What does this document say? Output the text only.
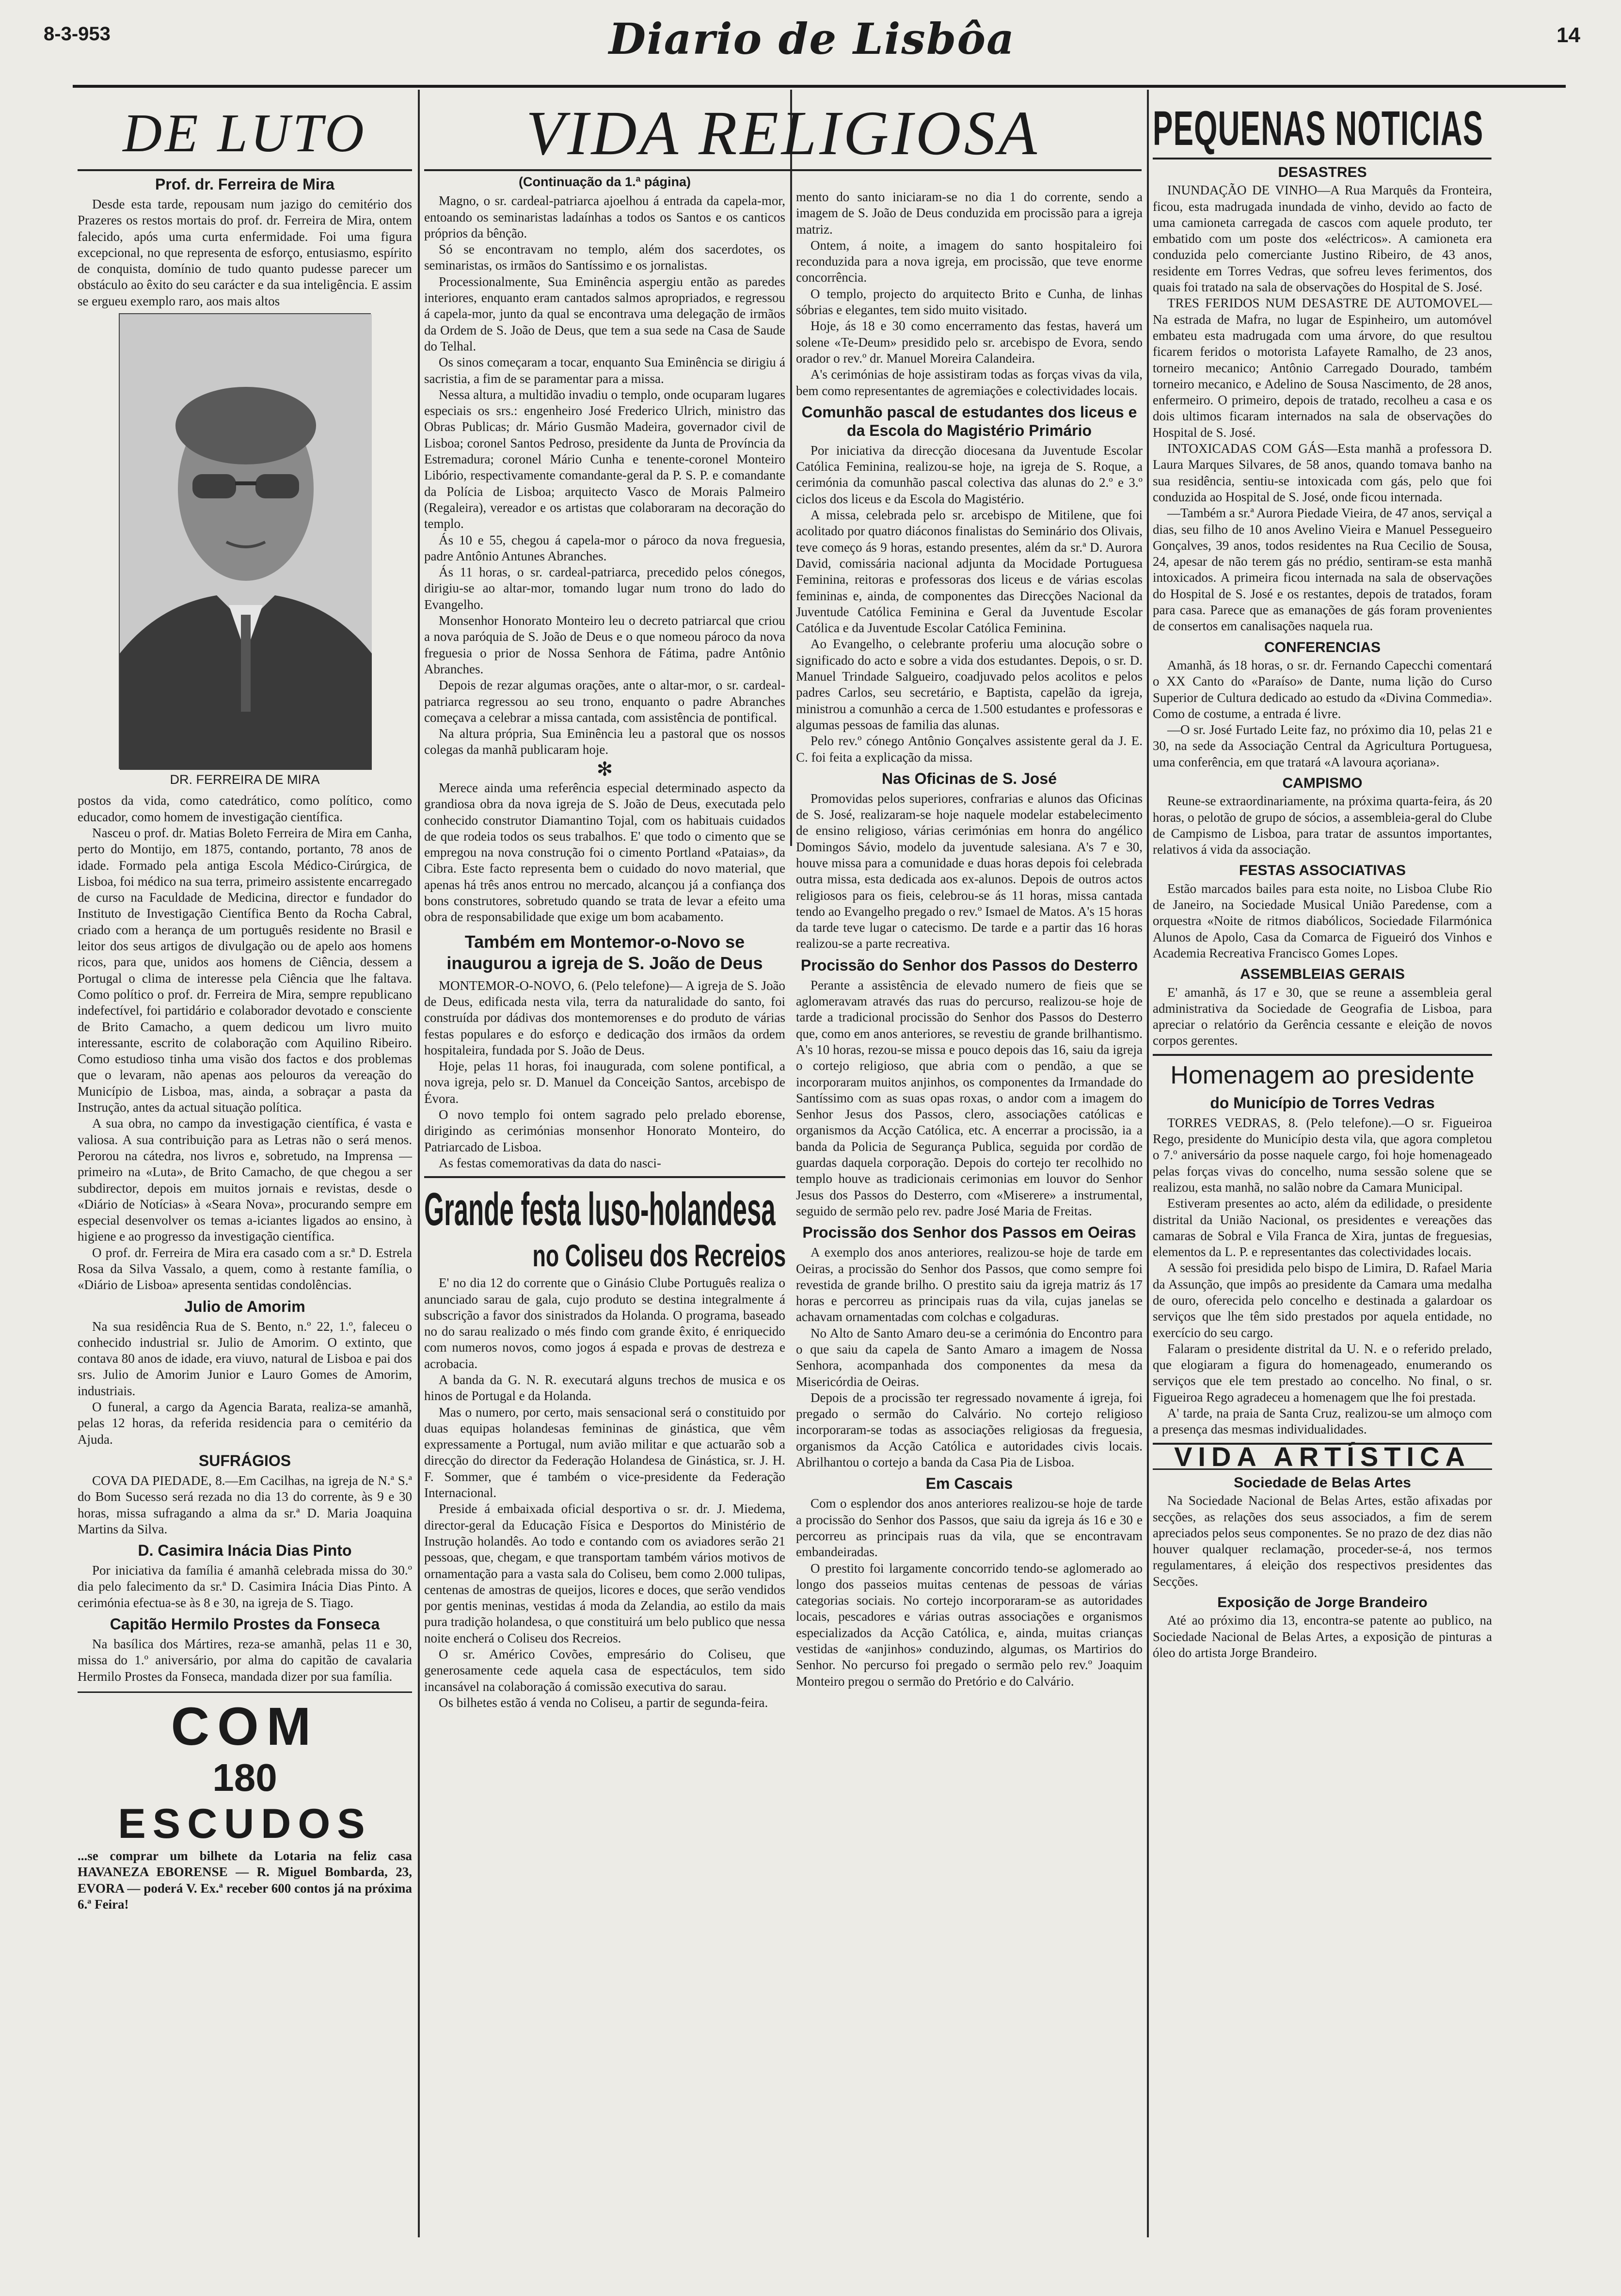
8-3-953	Diario de Lisbôa	14
DE LUTO
Prof. dr. Ferreira de Mira

Desde esta tarde, repousam num jazigo do cemitério dos Prazeres os restos mortais do prof. dr. Ferreira de Mira, ontem falecido, após uma curta enfermidade. Foi uma figura excepcional, no que representa de esforço, entusiasmo, espírito de conquista, domínio de tudo quanto pudesse parecer um obstáculo ao êxito do seu carácter e da sua inteligência. E assim se ergueu exemplo raro, aos mais altos

DR. FERREIRA DE MIRA

postos da vida, como catedrático, como político, como educador, como homem de investigação científica.

Nasceu o prof. dr. Matias Boleto Ferreira de Mira em Canha, perto do Montijo, em 1875, contando, portanto, 78 anos de idade. Formado pela antiga Escola Médico-Cirúrgica, de Lisboa, foi médico na sua terra, primeiro assistente encarregado de curso na Faculdade de Medicina, director e fundador do Instituto de Investigação Científica Bento da Rocha Cabral, criado com a herança de um português residente no Brasil e leitor dos seus artigos de divulgação ou de apelo aos homens ricos, para que, unidos aos homens de Ciência, dessem a Portugal o clima de interesse pela Ciência que lhe faltava. Como político o prof. dr. Ferreira de Mira, sempre republicano indefectível, foi partidário e colaborador devotado e consciente de Brito Camacho, a quem dedicou um livro muito interessante, escrito de colaboração com Aquilino Ribeiro. Como estudioso tinha uma visão dos factos e dos problemas que o levaram, não apenas aos pelouros da vereação do Município de Lisboa, mas, ainda, a sobraçar a pasta da Instrução, antes da actual situação política.

A sua obra, no campo da investigação científica, é vasta e valiosa. A sua contribuição para as Letras não o será menos. Perorou na cátedra, nos livros e, sobretudo, na Imprensa — primeiro na «Luta», de Brito Camacho, de que chegou a ser subdirector, depois em muitos jornais e revistas, desde o «Diário de Notícias» à «Seara Nova», procurando sempre em especial desenvolver os temas a-iciantes ligados ao ensino, à higiene e ao progresso da investigação científica.

O prof. dr. Ferreira de Mira era casado com a sr.ª D. Estrela Rosa da Silva Vassalo, a quem, como à restante família, o «Diário de Lisboa» apresenta sentidas condolências.

Julio de Amorim

Na sua residência Rua de S. Bento, n.º 22, 1.º, faleceu o conhecido industrial sr. Julio de Amorim. O extinto, que contava 80 anos de idade, era viuvo, natural de Lisboa e pai dos srs. Julio de Amorim Junior e Lauro Gomes de Amorim, industriais.

O funeral, a cargo da Agencia Barata, realiza-se amanhã, pelas 12 horas, da referida residencia para o cemitério da Ajuda.

SUFRÁGIOS

COVA DA PIEDADE, 8.—Em Cacilhas, na igreja de N.ª S.ª do Bom Sucesso será rezada no dia 13 do corrente, às 9 e 30 horas, missa sufragando a alma da sr.ª D. Maria Joaquina Martins da Silva.

D. Casimira Inácia Dias Pinto

Por iniciativa da família é amanhã celebrada missa do 30.º dia pelo falecimento da sr.ª D. Casimira Inácia Dias Pinto. A cerimónia efectua-se às 8 e 30, na igreja de S. Tiago.

Capitão Hermilo Prostes da Fonseca

Na basílica dos Mártires, reza-se amanhã, pelas 11 e 30, missa do 1.º aniversário, por alma do capitão de cavalaria Hermilo Prostes da Fonseca, mandada dizer por sua família.

COM
180
ESCUDOS

...se comprar um bilhete da Lotaria na feliz casa HAVANEZA EBORENSE — R. Miguel Bombarda, 23, EVORA — poderá V. Ex.ª receber 600 contos já na próxima 6.ª Feira!

VIDA RELIGIOSA
(Continuação da 1.ª página)

Magno, o sr. cardeal-patriarca ajoelhou á entrada da capela-mor, entoando os seminaristas ladaínhas a todos os Santos e os canticos próprios da bênção.

Só se encontravam no templo, além dos sacerdotes, os seminaristas, os irmãos do Santíssimo e os jornalistas.

Processionalmente, Sua Eminência aspergiu então as paredes interiores, enquanto eram cantados salmos apropriados, e regressou á capela-mor, junto da qual se encontrava uma delegação de irmãos da Ordem de S. João de Deus, que tem a sua sede na Casa de Saude do Telhal.

Os sinos começaram a tocar, enquanto Sua Eminência se dirigiu á sacristia, a fim de se paramentar para a missa.

Nessa altura, a multidão invadiu o templo, onde ocuparam lugares especiais os srs.: engenheiro José Frederico Ulrich, ministro das Obras Publicas; dr. Mário Gusmão Madeira, governador civil de Lisboa; coronel Santos Pedroso, presidente da Junta de Província da Estremadura; coronel Mário Cunha e tenente-coronel Monteiro Libório, respectivamente comandante-geral da P. S. P. e comandante da Polícia de Lisboa; arquitecto Vasco de Morais Palmeiro (Regaleira), vereador e os artistas que colaboraram na decoração do templo.

Ás 10 e 55, chegou á capela-mor o párоco da nova freguesia, padre Antônio Antunes Abranches.

Ás 11 horas, o sr. cardeal-patriarca, precedido pelos cónegos, dirigiu-se ao altar-mor, tomando lugar num trono do lado do Evangelho.

Monsenhor Honorato Monteiro leu o decreto patriarcal que criou a nova paróquia de S. João de Deus e o que nomeou pároco da nova freguesia o prior de Nossa Senhora de Fátima, padre Antônio Abranches.

Depois de rezar algumas orações, ante o altar-mor, o sr. cardeal-patriarca regressou ao seu trono, enquanto o padre Abranches começava a celebrar a missa cantada, com assistência de pontifical.

Na altura própria, Sua Eminência leu a pastoral que os nossos colegas da manhã publicaram hoje.

✻

Merece ainda uma referência especial determinado aspecto da grandiosa obra da nova igreja de S. João de Deus, executada pelo conhecido construtor Diamantino Tojal, com os habituais cuidados de que rodeia todos os seus trabalhos. E' que todo o cimento que se empregou na nova construção foi o cimento Portland «Pataias», da Cibra. Este facto representa bem o cuidado do novo material, que apenas há três anos entrou no mercado, alcançou já a confiança dos bons construtores, sobretudo quando se trata de levar a efeito uma obra de responsabilidade que exige um bom acabamento.

Também em Montemor-o-Novo se inaugurou a igreja de S. João de Deus

MONTEMOR-O-NOVO, 6. (Pelo telefone)— A igreja de S. João de Deus, edificada nesta vila, terra da naturalidade do santo, foi construída por dádivas dos montemorenses e do produto de várias festas populares e do esforço e dedicação dos irmãos da ordem hospitaleira, fundada por S. João de Deus.

Hoje, pelas 11 horas, foi inaugurada, com solene pontifical, a nova igreja, pelo sr. D. Manuel da Conceição Santos, arcebispo de Évora.

O novo templo foi ontem sagrado pelo prelado eborense, dirigindo as cerimónias monsenhor Honorato Monteiro, do Patriarcado de Lisboa.

As festas comemorativas da data do nasci-

Grande festa luso-holandesa
no Coliseu dos Recreios

E' no dia 12 do corrente que o Ginásio Clube Português realiza o anunciado sarau de gala, cujo produto se destina integralmente á subscrição a favor dos sinistrados da Holanda. O programa, baseado no do sarau realizado o més findo com grande êxito, é enriquecido com numeros novos, como jogos á espada e provas de destreza e acrobacia.

A banda da G. N. R. executará alguns trechos de musica e os hinos de Portugal e da Holanda.

Mas o numero, por certo, mais sensacional será o constituido por duas equipas holandesas femininas de ginástica, que vêm expressamente a Portugal, num avião militar e que actuarão sob a direcção do director da Federação Holandesa de Ginástica, sr. J. H. F. Sommer, que é também o vice-presidente da Federação Internacional.

Preside á embaixada oficial desportiva o sr. dr. J. Miedema, director-geral da Educação Física e Desportos do Ministério de Instrução holandês. Ao todo e contando com os aviadores serão 21 pessoas, que, chegam, e que transportam também vários motivos de ornamentação para a vasta sala do Coliseu, bem como 2.000 tulipas, centenas de amostras de queijos, licores e doces, que serão vendidos por gentis meninas, vestidas á moda da Zelandia, ao estilo da mais pura tradição holandesa, o que constituirá um belo publico que nessa noite encherá o Coliseu dos Recreios.

O sr. Américo Covões, empresário do Coliseu, que generosamente cede aquela casa de espectáculos, tem sido incansável na colaboração á comissão executiva do sarau.

Os bilhetes estão á venda no Coliseu, a partir de segunda-feira.

mento do santo iniciaram-se no dia 1 do corrente, sendo a imagem de S. João de Deus conduzida em procissão para a igreja matriz.

Ontem, á noite, a imagem do santo hospitaleiro foi reconduzida para a nova igreja, em procissão, que teve enorme concorrência.

O templo, projecto do arquitecto Brito e Cunha, de linhas sóbrias e elegantes, tem sido muito visitado.

Hoje, ás 18 e 30 como encerramento das festas, haverá um solene «Te-Deum» presidido pelo sr. arcebispo de Evora, sendo orador o rev.º dr. Manuel Moreira Calandeira.

A's cerimónias de hoje assistiram todas as forças vivas da vila, bem como representantes de agremiações e colectividades locais.

Comunhão pascal de estudantes dos liceus e da Escola do Magistério Primário

Por iniciativa da direcção diocesana da Juventude Escolar Católica Feminina, realizou-se hoje, na igreja de S. Roque, a cerimónia da comunhão pascal colectiva das alunas do 2.º e 3.º ciclos dos liceus e da Escola do Magistério.

A missa, celebrada pelo sr. arcebispo de Mitilene, que foi acolitado por quatro diáconos finalistas do Seminário dos Olivais, teve começo ás 9 horas, estando presentes, além da sr.ª D. Aurora David, comissária nacional adjunta da Mocidade Portuguesa Feminina, reitoras e professoras dos liceus e de várias escolas femininas e, ainda, de componentes das Direcções Nacional da Juventude Católica Feminina e Geral da Juventude Escolar Católica e da Juventude Escolar Católica Feminina.

Ao Evangelho, o celebrante proferiu uma alocução sobre o significado do acto e sobre a vida dos estudantes. Depois, o sr. D. Manuel Trindade Salgueiro, coadjuvado pelos acolitos e pelos padres Carlos, seu secretário, e Baptista, capelão da igreja, ministrou a comunhão a cerca de 1.500 estudantes e professoras e algumas pessoas de familia das alunas.

Pelo rev.º cónego Antônio Gonçalves assistente geral da J. E. C. foi feita a explicação da missa.

Nas Oficinas de S. José

Promovidas pelos superiores, confrarias e alunos das Oficinas de S. José, realizaram-se hoje naquele modelar estabelecimento de ensino religioso, várias cerimónias em honra do angélico Domingos Sávio, modelo da juventude salesiana. A's 7 e 30, houve missa para a comunidade e duas horas depois foi celebrada outra missa, esta dedicada aos ex-alunos. Depois de outros actos religiosos para os fieis, celebrou-se ás 11 horas, missa cantada tendo ao Evangelho pregado o rev.º Ismael de Matos. A's 15 horas da tarde teve lugar o catecismo. De tarde e a partir das 16 horas realizou-se a parte recreativa.

Procissão do Senhor dos Passos do Desterro

Perante a assistência de elevado numero de fieis que se aglomeravam através das ruas do percurso, realizou-se hoje de tarde a tradicional procissão do Senhor dos Passos do Desterro que, como em anos anteriores, se revestiu de grande brilhantismo. A's 10 horas, rezou-se missa e pouco depois das 16, saiu da igreja o cortejo religioso, que abria com o pendão, a que se incorporaram muitos anjinhos, os componentes da Irmandade do Santíssimo com as suas opas roxas, o andor com a imagem do Senhor Jesus dos Passos, clero, associações católicas e organismos da Acção Católica, etc. A encerrar a procissão, ia a banda da Policia de Segurança Publica, seguida por cordão de guardas daquela corporação. Depois do cortejo ter recolhido no templo houve as tradicionais cerimonias em louvor do Senhor Jesus dos Passos do Desterro, com «Miserere» a instrumental, seguido de sermão pelo rev. padre José Maria de Freitas.

Procissão dos Senhor dos Passos em Oeiras

A exemplo dos anos anteriores, realizou-se hoje de tarde em Oeiras, a procissão do Senhor dos Passos, que como sempre foi revestida de grande brilho. O prestito saiu da igreja matriz ás 17 horas e percorreu as principais ruas da vila, cujas janelas se achavam ornamentadas com colchas e colgaduras.

No Alto de Santo Amaro deu-se a cerimónia do Encontro para o que saiu da capela de Santo Amaro a imagem de Nossa Senhora, acompanhada dos componentes da mesa da Misericórdia de Oeiras.

Depois de a procissão ter regressado novamente á igreja, foi pregado o sermão do Calvário. No cortejo religioso incorporaram-se todas as associações religiosas da freguesia, organismos da Acção Católica e autoridades civis locais. Abrilhantou o cortejo a banda da Casa Pia de Lisboa.

Em Cascais

Com o esplendor dos anos anteriores realizou-se hoje de tarde a procissão do Senhor dos Passos, que saiu da igreja ás 16 e 30 e percorreu as principais ruas da vila, que se encontravam embandeiradas.

O prestito foi largamente concorrido tendo-se aglomerado ao longo dos passeios muitas centenas de pessoas de várias categorias sociais. No cortejo incorporaram-se as autoridades locais, pescadores e várias outras associações e organismos especializados da Acção Católica, e, ainda, muitas crianças vestidas de «anjinhos» conduzindo, algumas, os Martirios do Senhor. No percurso foi pregado o sermão pelo rev.º Joaquim Monteiro pregou o sermão do Pretório e do Calvário.

PEQUENAS NOTICIAS
DESASTRES

INUNDAÇÃO DE VINHO—A Rua Marquês da Fronteira, ficou, esta madrugada inundada de vinho, devido ao facto de uma camioneta carregada de cascos com aquele produto, ter embatido com um poste dos «eléctricos». A camioneta era conduzida pelo comerciante Justino Ribeiro, de 43 anos, residente em Torres Vedras, que sofreu leves ferimentos, dos quais foi tratado na sala de observações do Hospital de S. José.

TRES FERIDOS NUM DESASTRE DE AUTOMOVEL—Na estrada de Mafra, no lugar de Espinheiro, um automóvel embateu esta madrugada com uma árvore, do que resultou ficarem feridos o motorista Lafayete Ramalho, de 23 anos, torneiro mecanico; Antônio Carregado Dourado, também torneiro mecanico, e Adelino de Sousa Nascimento, de 28 anos, enfermeiro. O primeiro, depois de tratado, recolheu a casa e os dois ultimos ficaram internados na sala de observações do Hospital de S. José.

INTOXICADAS COM GÁS—Esta manhã a professora D. Laura Marques Silvares, de 58 anos, quando tomava banho na sua residência, sentiu-se intoxicada com gás, pelo que foi conduzida ao Hospital de S. José, onde ficou internada.

—Também a sr.ª Aurora Piedade Vieira, de 47 anos, serviçal a dias, seu filho de 10 anos Avelino Vieira e Manuel Pessegueiro Gonçalves, 39 anos, todos residentes na Rua Cecilio de Sousa, 24, apesar de não terem gás no prédio, sentiram-se esta manhã intoxicados. A primeira ficou internada na sala de observações do Hospital de S. José e os restantes, depois de tratados, foram para casa. Parece que as emanações de gás foram provenientes de consertos em canalisações naquela rua.

CONFERENCIAS

Amanhã, ás 18 horas, o sr. dr. Fernando Capecchi comentará o XX Canto do «Paraíso» de Dante, numa lição do Curso Superior de Cultura dedicado ao estudo da «Divina Commedia». Como de costume, a entrada é livre.

—O sr. José Furtado Leite faz, no próximo dia 10, pelas 21 e 30, na sede da Associação Central da Agricultura Portuguesa, uma conferência, em que tratará «A lavoura açoriana».

CAMPISMO

Reune-se extraordinariamente, na próxima quarta-feira, ás 20 horas, o pelotão de grupo de sócios, a assembleia-geral do Clube de Campismo de Lisboa, para tratar de assuntos importantes, relativos á vida da associação.

FESTAS ASSOCIATIVAS

Estão marcados bailes para esta noite, no Lisboa Clube Rio de Janeiro, na Sociedade Musical União Paredense, com a orquestra «Noite de ritmos diabólicos, Sociedade Filarmónica Alunos de Apolo, Casa da Comarca de Figueiró dos Vinhos e Academia Recreativa Francisco Gomes Lopes.

ASSEMBLEIAS GERAIS

E' amanhã, ás 17 e 30, que se reune a assembleia geral administrativa da Sociedade de Geografia de Lisboa, para apreciar o relatório da Gerência cessante e eleição de novos corpos gerentes.

Homenagem ao presidente
do Município de Torres Vedras

TORRES VEDRAS, 8. (Pelo telefone).—O sr. Figueiroa Rego, presidente do Município desta vila, que agora completou o 7.º aniversário da posse naquele cargo, foi hoje homenageado pelas forças vivas do concelho, numa sessão solene que se realizou, esta manhã, no salão nobre da Camara Municipal.

Estiveram presentes ao acto, além da edilidade, o presidente distrital da União Nacional, os presidentes e vereações das camaras de Sobral e Vila Franca de Xira, juntas de freguesias, elementos da L. P. e representantes das colectividades locais.

A sessão foi presidida pelo bispo de Limira, D. Rafael Maria da Assunção, que impôs ao presidente da Camara uma medalha de ouro, oferecida pelo concelho e destinada a galardoar os serviços que lhe têm sido prestados por aquela entidade, no exercício do seu cargo.

Falaram o presidente distrital da U. N. e o referido prelado, que elogiaram a figura do homenageado, enumerando os serviços que ele tem prestado ao concelho. No final, o sr. Figueiroa Rego agradeceu a homenagem que lhe foi prestada.

A' tarde, na praia de Santa Cruz, realizou-se um almoço com a presença das mesmas individualidades.

VIDA ARTÍSTICA
Sociedade de Belas Artes

Na Sociedade Nacional de Belas Artes, estão afixadas por secções, as relações dos seus associados, a fim de serem apreciados pelos seus componentes. Se no prazo de dez dias não houver qualquer reclamação, proceder-se-á, nos termos regulamentares, á eleição dos respectivos presidentes das Secções.

Exposição de Jorge Brandeiro

Até ao próximo dia 13, encontra-se patente ao publico, na Sociedade Nacional de Belas Artes, a exposição de pinturas a óleo do artista Jorge Brandeiro.
